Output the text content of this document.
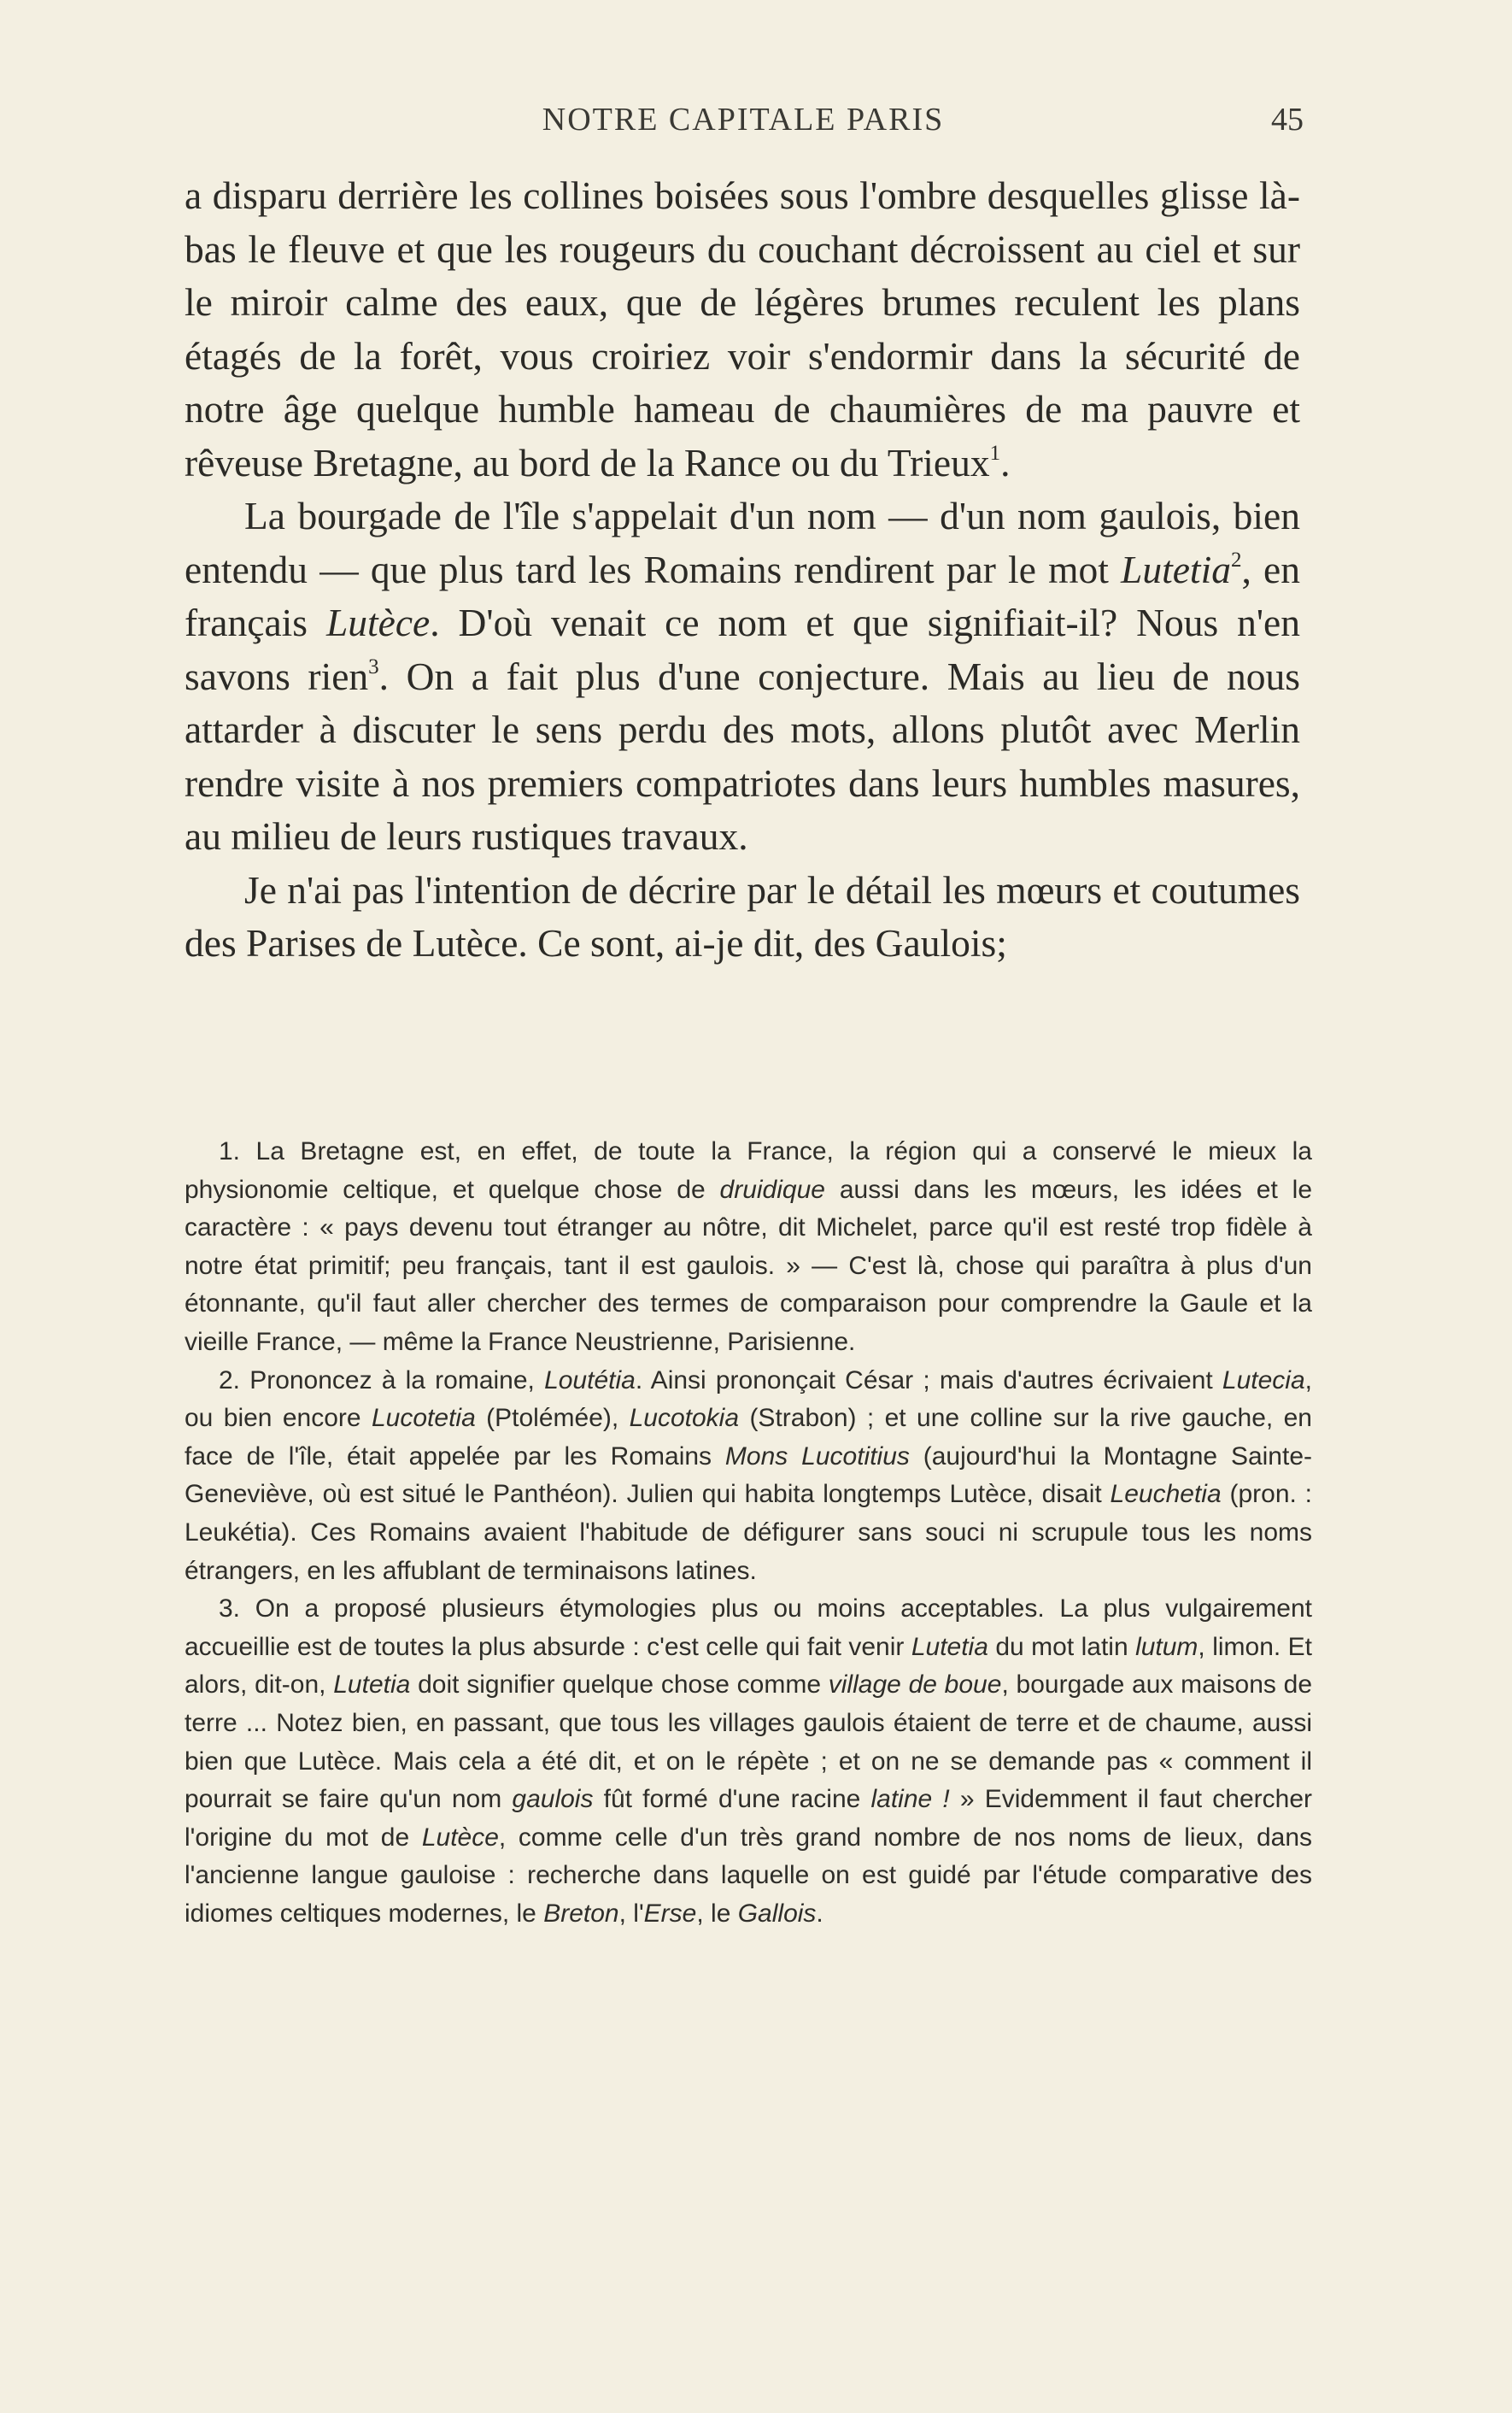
NOTRE CAPITALE PARIS	45

a disparu derrière les collines boisées sous l'ombre desquelles glisse là-bas le fleuve et que les rougeurs du couchant décroissent au ciel et sur le miroir calme des eaux, que de légères brumes reculent les plans étagés de la forêt, vous croiriez voir s'endormir dans la sécurité de notre âge quelque humble hameau de chaumières de ma pauvre et rêveuse Bretagne, au bord de la Rance ou du Trieux$^1$.

La bourgade de l'île s'appelait d'un nom — d'un nom gaulois, bien entendu — que plus tard les Romains rendirent par le mot Lutetia$^2$, en français Lutèce. D'où venait ce nom et que signifiait-il? Nous n'en savons rien$^3$. On a fait plus d'une conjecture. Mais au lieu de nous attarder à discuter le sens perdu des mots, allons plutôt avec Merlin rendre visite à nos premiers compatriotes dans leurs humbles masures, au milieu de leurs rustiques travaux.

Je n'ai pas l'intention de décrire par le détail les mœurs et coutumes des Parises de Lutèce. Ce sont, ai-je dit, des Gaulois;

1. La Bretagne est, en effet, de toute la France, la région qui a conservé le mieux la physionomie celtique, et quelque chose de druidique aussi dans les mœurs, les idées et le caractère : « pays devenu tout étranger au nôtre, dit Michelet, parce qu'il est resté trop fidèle à notre état primitif; peu français, tant il est gaulois. » — C'est là, chose qui paraîtra à plus d'un étonnante, qu'il faut aller chercher des termes de comparaison pour comprendre la Gaule et la vieille France, — même la France Neustrienne, Parisienne.

2. Prononcez à la romaine, Loutétia. Ainsi prononçait César ; mais d'autres écrivaient Lutecia, ou bien encore Lucotetia (Ptolémée), Lucotokia (Strabon) ; et une colline sur la rive gauche, en face de l'île, était appelée par les Romains Mons Lucotitius (aujourd'hui la Montagne Sainte-Geneviève, où est situé le Panthéon). Julien qui habita longtemps Lutèce, disait Leuchetia (pron. : Leukétia). Ces Romains avaient l'habitude de défigurer sans souci ni scrupule tous les noms étrangers, en les affublant de terminaisons latines.

3. On a proposé plusieurs étymologies plus ou moins acceptables. La plus vulgairement accueillie est de toutes la plus absurde : c'est celle qui fait venir Lutetia du mot latin lutum, limon. Et alors, dit-on, Lutetia doit signifier quelque chose comme village de boue, bourgade aux maisons de terre ... Notez bien, en passant, que tous les villages gaulois étaient de terre et de chaume, aussi bien que Lutèce. Mais cela a été dit, et on le répète ; et on ne se demande pas « comment il pourrait se faire qu'un nom gaulois fût formé d'une racine latine ! » Evidemment il faut chercher l'origine du mot de Lutèce, comme celle d'un très grand nombre de nos noms de lieux, dans l'ancienne langue gauloise : recherche dans laquelle on est guidé par l'étude comparative des idiomes celtiques modernes, le Breton, l'Erse, le Gallois.
